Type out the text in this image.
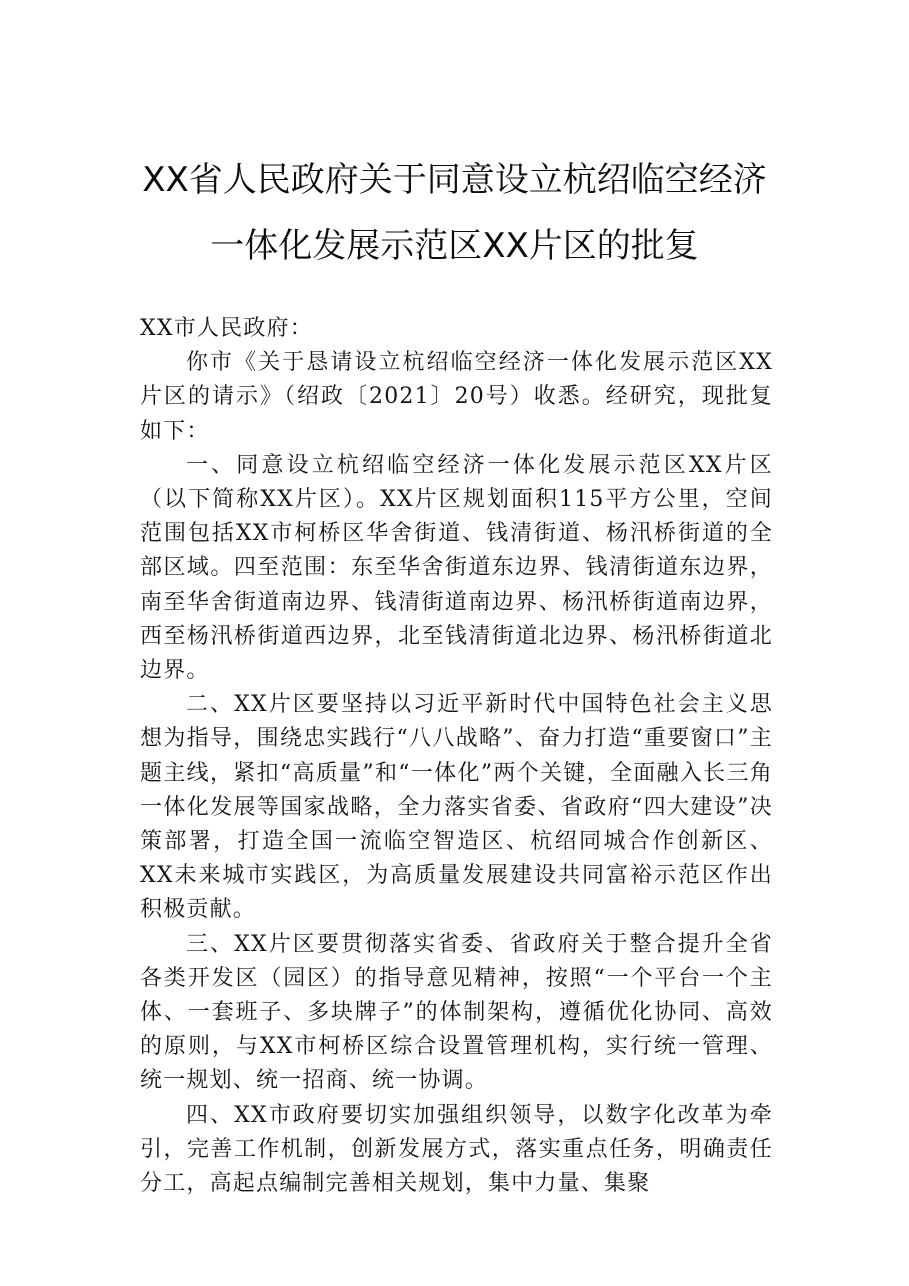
XX省人民政府关于同意设立杭绍临空经济
一体化发展示范区XX片区的批复

XX市人民政府：

你市《关于恳请设立杭绍临空经济一体化发展示范区XX片区的请示》（绍政〔2021〕20号）收悉。经研究，现批复如下：

一、同意设立杭绍临空经济一体化发展示范区XX片区（以下简称XX片区）。XX片区规划面积115平方公里，空间范围包括XX市柯桥区华舍街道、钱清街道、杨汛桥街道的全部区域。四至范围：东至华舍街道东边界、钱清街道东边界，南至华舍街道南边界、钱清街道南边界、杨汛桥街道南边界，西至杨汛桥街道西边界，北至钱清街道北边界、杨汛桥街道北边界。

二、XX片区要坚持以习近平新时代中国特色社会主义思想为指导，围绕忠实践行“八八战略”、奋力打造“重要窗口”主题主线，紧扣“高质量”和“一体化”两个关键，全面融入长三角一体化发展等国家战略，全力落实省委、省政府“四大建设”决策部署，打造全国一流临空智造区、杭绍同城合作创新区、XX未来城市实践区，为高质量发展建设共同富裕示范区作出积极贡献。

三、XX片区要贯彻落实省委、省政府关于整合提升全省各类开发区（园区）的指导意见精神，按照“一个平台一个主体、一套班子、多块牌子”的体制架构，遵循优化协同、高效的原则，与XX市柯桥区综合设置管理机构，实行统一管理、统一规划、统一招商、统一协调。

四、XX市政府要切实加强组织领导，以数字化改革为牵引，完善工作机制，创新发展方式，落实重点任务，明确责任分工，高起点编制完善相关规划，集中力量、集聚
